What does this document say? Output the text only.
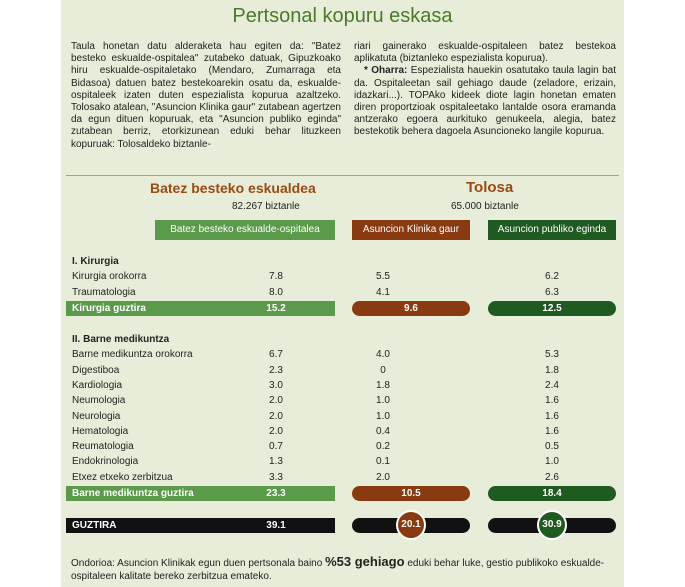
Pertsonal kopuru eskasa
Taula honetan datu alderaketa hau egiten da: "Batez besteko eskualde-ospitalea" zutabeko datuak, Gipuzkoako hiru eskualde-ospitaletako (Mendaro, Zumarraga eta Bidasoa) datuen batez bestekoarekin osatu da, eskualde-ospitaleek izaten duten espezialista kopurua azaltzeko. Tolosako atalean, "Asuncion Klinika gaur" zutabean agertzen da egun dituen kopuruak, eta "Asuncion publiko eginda" zutabean berriz, etorkizunean eduki behar lituzkeen kopuruak: Tolosaldeko biztanle-
riari gainerako eskualde-ospitaleen batez bestekoa aplikatuta (biztanleko espezialista kopurua).
* Oharra: Espezialista hauekin osatutako taula lagin bat da. Ospitaleetan sail gehiago daude (zeladore, erizain, idazkari...). TOPAko kideek diote lagin honetan ematen diren proportzioak ospitaleetako lantalde osora eramanda antzerako egoera aurkituko genukeela, alegia, batez bestekotik behera dagoela Asuncioneko langile kopurua.
Batez besteko eskualdea
82.267 biztanle
Tolosa
65.000 biztanle
Batez besteko eskualde-ospitalea	Asuncion Klinika gaur	Asuncion publiko egindа
I. Kirurgia
Kirurgia orokorra	7.8	5.5	6.2
Traumatologia	8.0	4.1	6.3
Kirurgia guztira	15.2	9.6	12.5
II. Barne medikuntza
Barne medikuntza orokorra	6.7	4.0	5.3
Digestiboa	2.3	0	1.8
Kardiologia	3.0	1.8	2.4
Neumologia	2.0	1.0	1.6
Neurologia	2.0	1.0	1.6
Hematologia	2.0	0.4	1.6
Reumatologia	0.7	0.2	0.5
Endokrinologia	1.3	0.1	1.0
Etxez etxeko zerbitzua	3.3	2.0	2.6
Barne medikuntza guztira	23.3	10.5	18.4
GUZTIRA	39.1	20.1	30.9
Ondorioa: Asuncion Klinikak egun duen pertsonala baino %53 gehiago eduki behar luke, gestio publikoko eskualde-ospitaleen kalitate bereko zerbitzua emateko.
